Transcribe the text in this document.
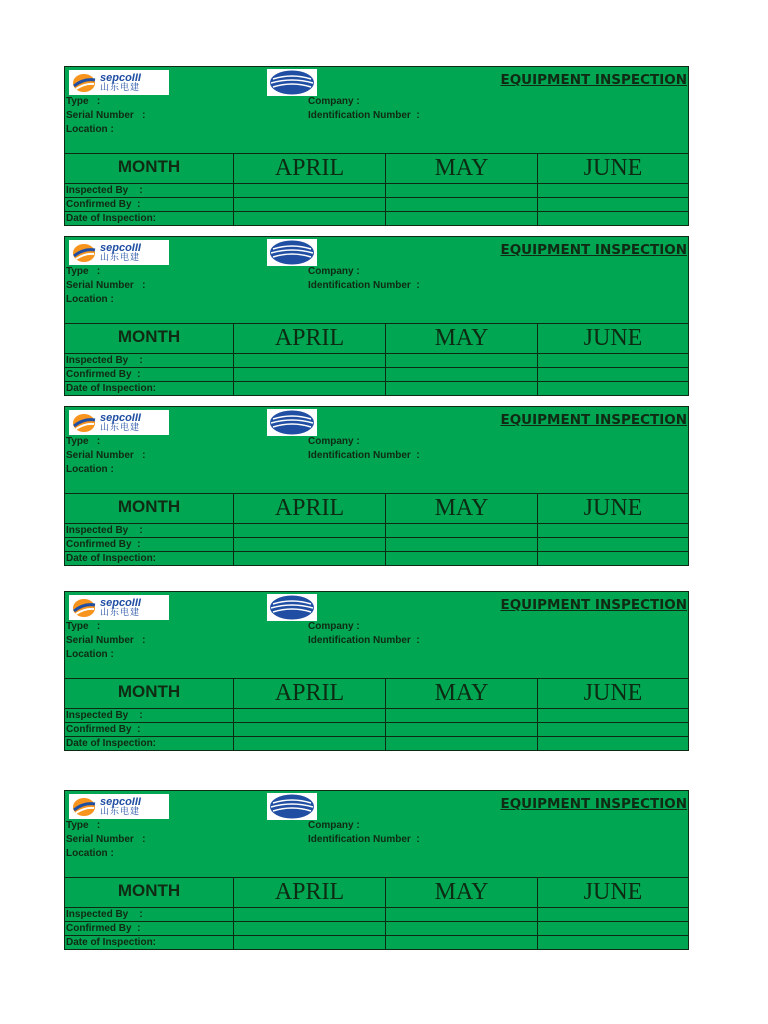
sepcoIII
山东电建	EQUIPMENT INSPECTION
Type   :
Serial Number   :
Location :
Company :
Identification Number  :
MONTH	APRIL	MAY	JUNE
Inspected By    :
Confirmed By  :
Date of Inspection:
sepcoIII
山东电建	EQUIPMENT INSPECTION
Type   :
Serial Number   :
Location :
Company :
Identification Number  :
MONTH	APRIL	MAY	JUNE
Inspected By    :
Confirmed By  :
Date of Inspection:
sepcoIII
山东电建	EQUIPMENT INSPECTION
Type   :
Serial Number   :
Location :
Company :
Identification Number  :
MONTH	APRIL	MAY	JUNE
Inspected By    :
Confirmed By  :
Date of Inspection:
sepcoIII
山东电建	EQUIPMENT INSPECTION
Type   :
Serial Number   :
Location :
Company :
Identification Number  :
MONTH	APRIL	MAY	JUNE
Inspected By    :
Confirmed By  :
Date of Inspection:
sepcoIII
山东电建	EQUIPMENT INSPECTION
Type   :
Serial Number   :
Location :
Company :
Identification Number  :
MONTH	APRIL	MAY	JUNE
Inspected By    :
Confirmed By  :
Date of Inspection:
